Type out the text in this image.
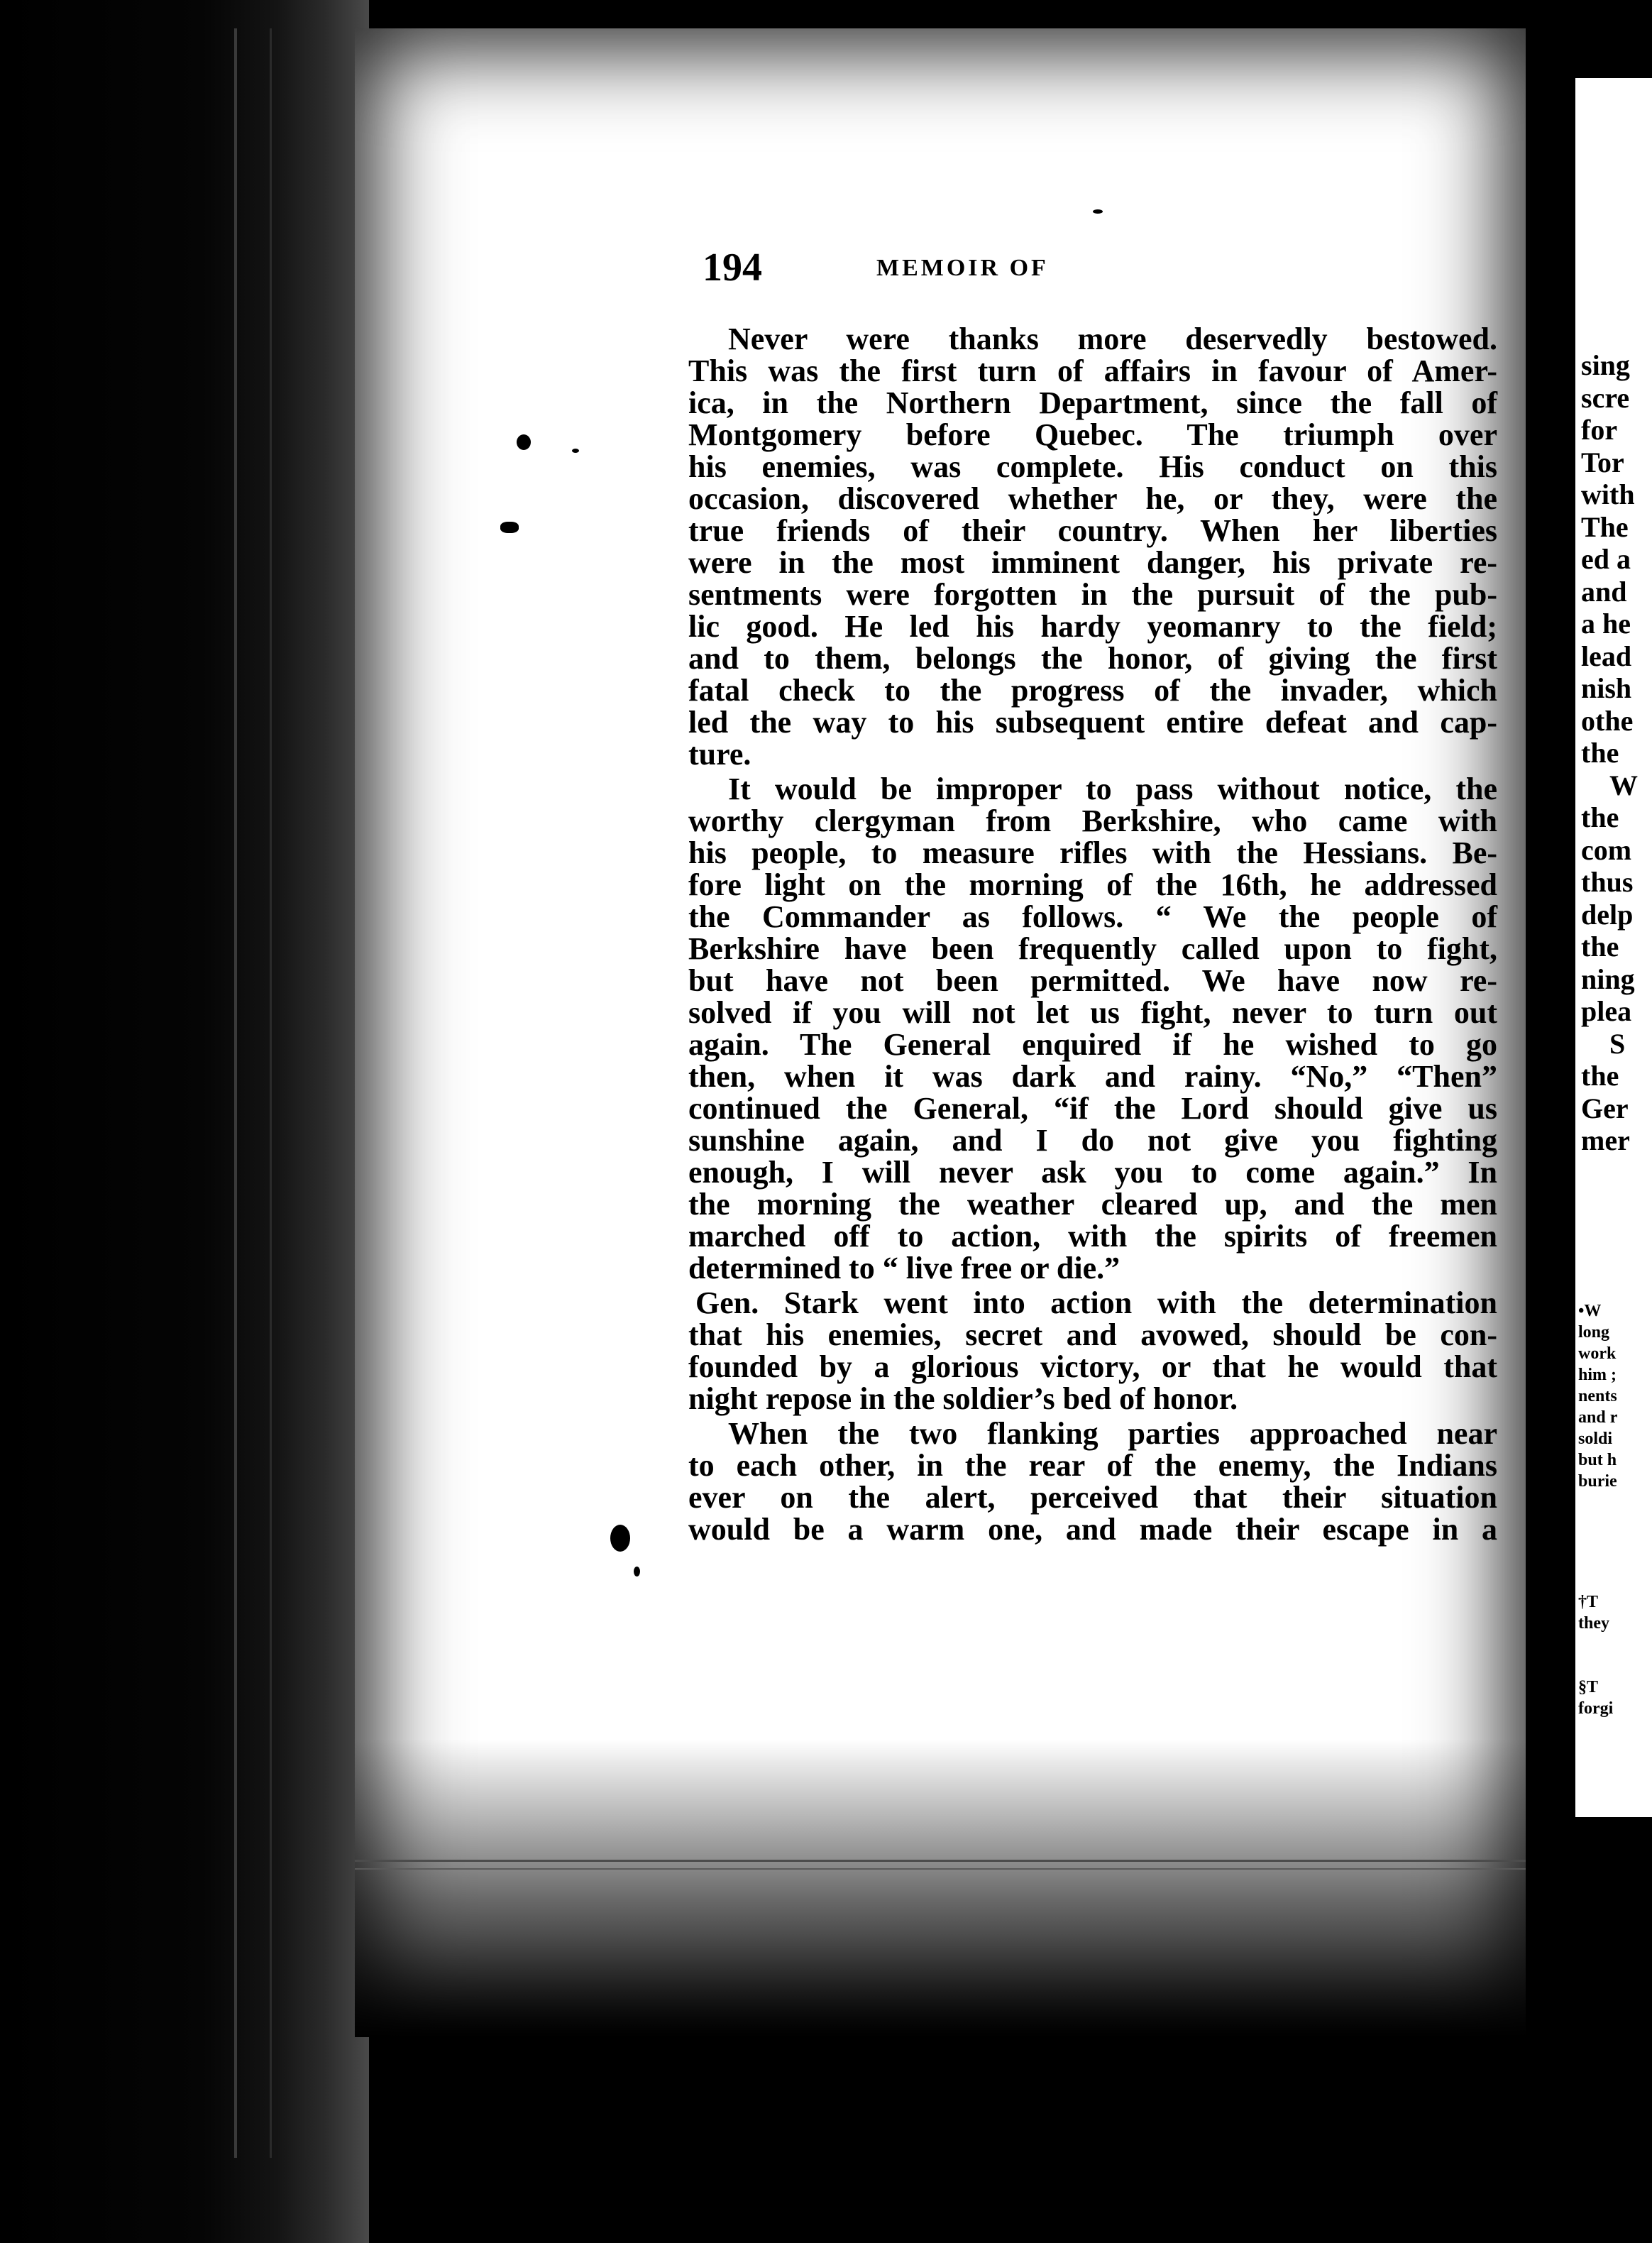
194	MEMOIR OF
Never were thanks more deservedly bestowed.
This was the first turn of affairs in favour of Amer-
ica, in the Northern Department, since the fall of
Montgomery before Quebec. The triumph over
his enemies, was complete. His conduct on this
occasion, discovered whether he, or they, were the
true friends of their country. When her liberties
were in the most imminent danger, his private re-
sentments were forgotten in the pursuit of the pub-
lic good. He led his hardy yeomanry to the field;
and to them, belongs the honor, of giving the first
fatal check to the progress of the invader, which
led the way to his subsequent entire defeat and cap-
ture.
It would be improper to pass without notice, the
worthy clergyman from Berkshire, who came with
his people, to measure rifles with the Hessians. Be-
fore light on the morning of the 16th, he addressed
the Commander as follows. “ We the people of
Berkshire have been frequently called upon to fight,
but have not been permitted. We have now re-
solved if you will not let us fight, never to turn out
again. The General enquired if he wished to go
then, when it was dark and rainy. “No,” “Then”
continued the General, “if the Lord should give us
sunshine again, and I do not give you fighting
enough, I will never ask you to come again.” In
the morning the weather cleared up, and the men
marched off to action, with the spirits of freemen
determined to “ live free or die.”
Gen. Stark went into action with the determination
that his enemies, secret and avowed, should be con-
founded by a glorious victory, or that he would that
night repose in the soldier’s bed of honor.
When the two flanking parties approached near
to each other, in the rear of the enemy, the Indians
ever on the alert, perceived that their situation
would be a warm one, and made their escape in a
sing
scre
for
Tor
with
The
ed a
and
a he
lead
nish
othe
the
W
the
com
thus
delp
the
ning
plea
S
the
Ger
mer
•W
long
work
him ;
nents
and r
soldi
but h
burie
†T
they
§T
forgi
